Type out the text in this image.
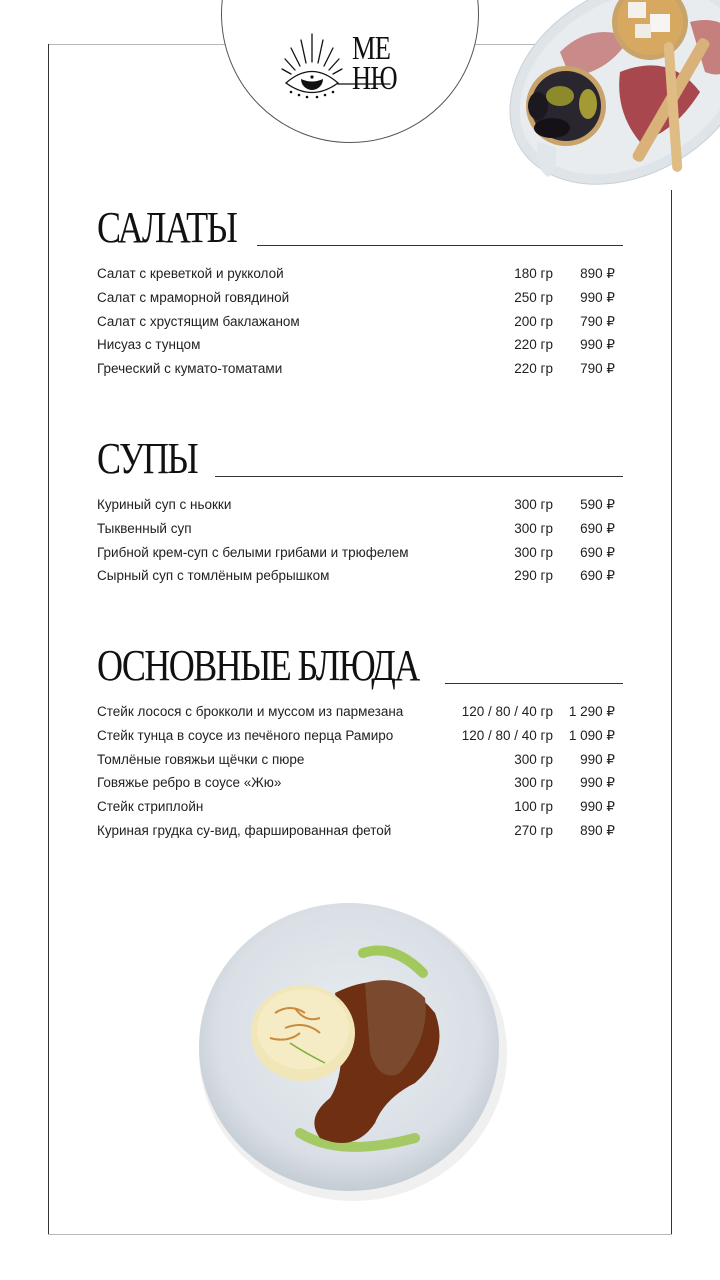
МЕ
НЮ
САЛАТЫ
Салат с креветкой и рукколой	180 гр	890 ₽
Салат с мраморной говядиной	250 гр	990 ₽
Салат с хрустящим баклажаном	200 гр	790 ₽
Нисуаз с тунцом	220 гр	990 ₽
Греческий с кумато-томатами	220 гр	790 ₽
СУПЫ
Куриный суп с ньокки	300 гр	590 ₽
Тыквенный суп	300 гр	690 ₽
Грибной крем-суп с белыми грибами и трюфелем	300 гр	690 ₽
Сырный суп с томлёным ребрышком	290 гр	690 ₽
ОСНОВНЫЕ БЛЮДА
Стейк лосося с брокколи и муссом из пармезана	120 / 80 / 40 гр	1 290 ₽
Стейк тунца в соусе из печёного перца Рамиро	120 / 80 / 40 гр	1 090 ₽
Томлёные говяжьи щёчки с пюре	300 гр	990 ₽
Говяжье ребро в соусе «Жю»	300 гр	990 ₽
Стейк стриплойн	100 гр	990 ₽
Куриная грудка су-вид, фаршированная фетой	270 гр	890 ₽
